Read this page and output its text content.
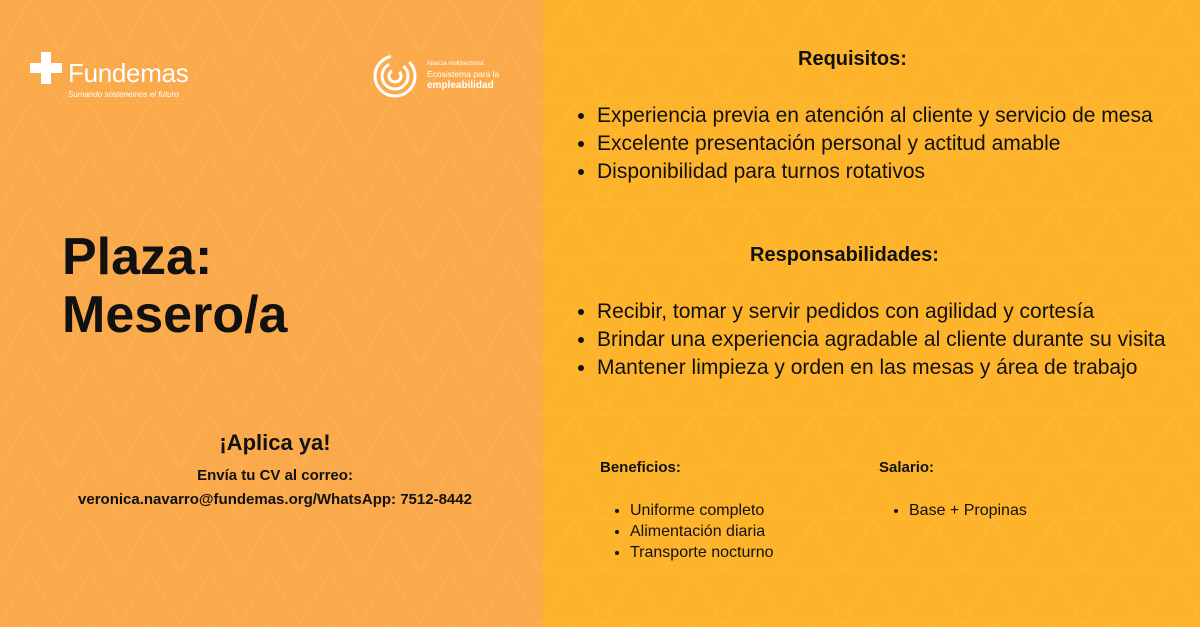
Fundemas
Sumando sostenemos el futuro
Alianza multisectorial:
Ecosistema para la
empleabilidad
Plaza:
Mesero/a

¡Aplica ya!

Envía tu CV al correo:

veronica.navarro@fundemas.org/WhatsApp: 7512-8442

Requisitos:
• Experiencia previa en atención al cliente y servicio de mesa
• Excelente presentación personal y actitud amable
• Disponibilidad para turnos rotativos
Responsabilidades:
• Recibir, tomar y servir pedidos con agilidad y cortesía
• Brindar una experiencia agradable al cliente durante su visita
• Mantener limpieza y orden en las mesas y área de trabajo
Beneficios:
• Uniforme completo
• Alimentación diaria
• Transporte nocturno
Salario:
• Base + Propinas
